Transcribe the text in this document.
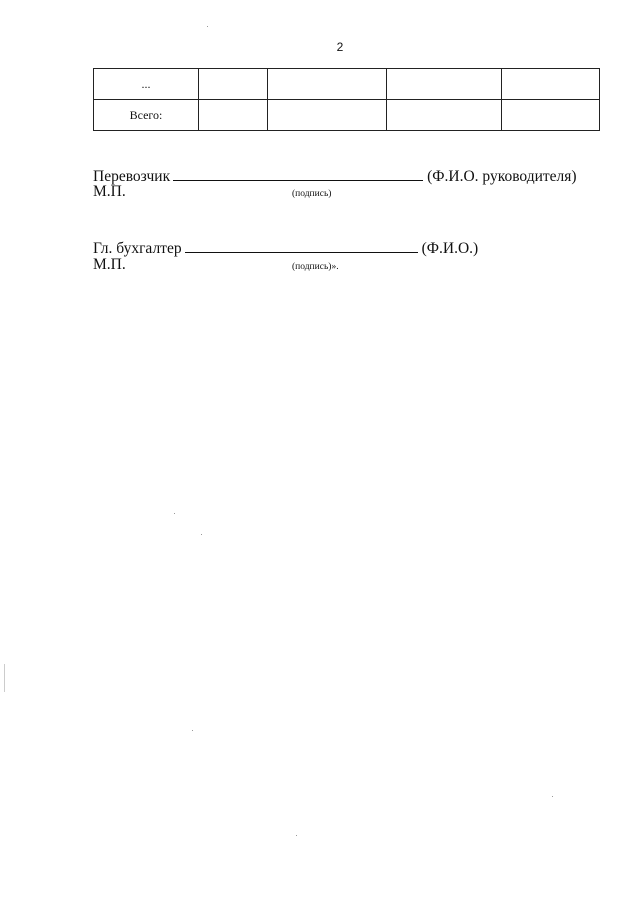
2
...				
Всего:				
Перевозчик	(Ф.И.О. руководителя)
М.П.	(подпись)
Гл. бухгалтер	(Ф.И.О.)
М.П.	(подпись)».
